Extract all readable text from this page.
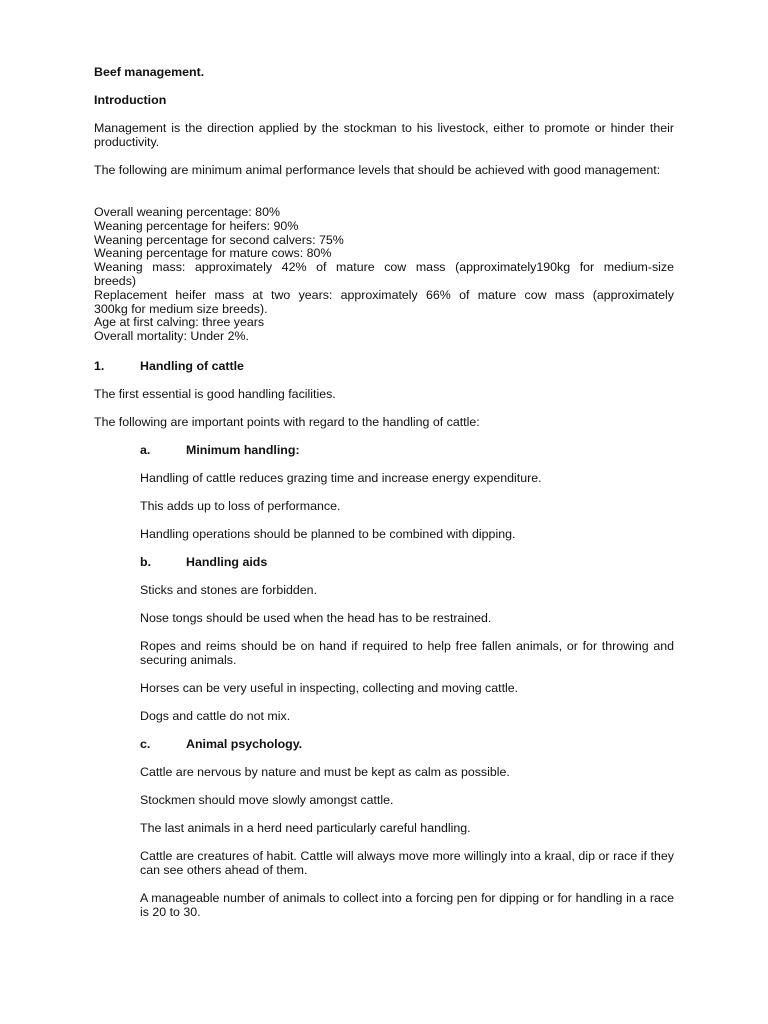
Beef management.
Introduction
Management is the direction applied by the stockman to his livestock, either to promote or hinder their productivity.
The following are minimum animal performance levels that should be achieved with good management:
Overall weaning percentage: 80%
Weaning percentage for heifers: 90%
Weaning percentage for second calvers: 75%
Weaning percentage for mature cows: 80%
Weaning mass: approximately 42% of mature cow mass (approximately190kg for medium-size
breeds)
Replacement heifer mass at two years: approximately 66% of mature cow mass (approximately
300kg for medium size breeds).
Age at first calving: three years
Overall mortality: Under 2%.
1.	Handling of cattle
The first essential is good handling facilities.
The following are important points with regard to the handling of cattle:
a.	Minimum handling:
Handling of cattle reduces grazing time and increase energy expenditure.
This adds up to loss of performance.
Handling operations should be planned to be combined with dipping.
b.	Handling aids
Sticks and stones are forbidden.
Nose tongs should be used when the head has to be restrained.
Ropes and reims should be on hand if required to help free fallen animals, or for throwing and securing animals.
Horses can be very useful in inspecting, collecting and moving cattle.
Dogs and cattle do not mix.
c.	Animal psychology.
Cattle are nervous by nature and must be kept as calm as possible.
Stockmen should move slowly amongst cattle.
The last animals in a herd need particularly careful handling.
Cattle are creatures of habit. Cattle will always move more willingly into a kraal, dip or race if they can see others ahead of them.
A manageable number of animals to collect into a forcing pen for dipping or for handling in a race is 20 to 30.
